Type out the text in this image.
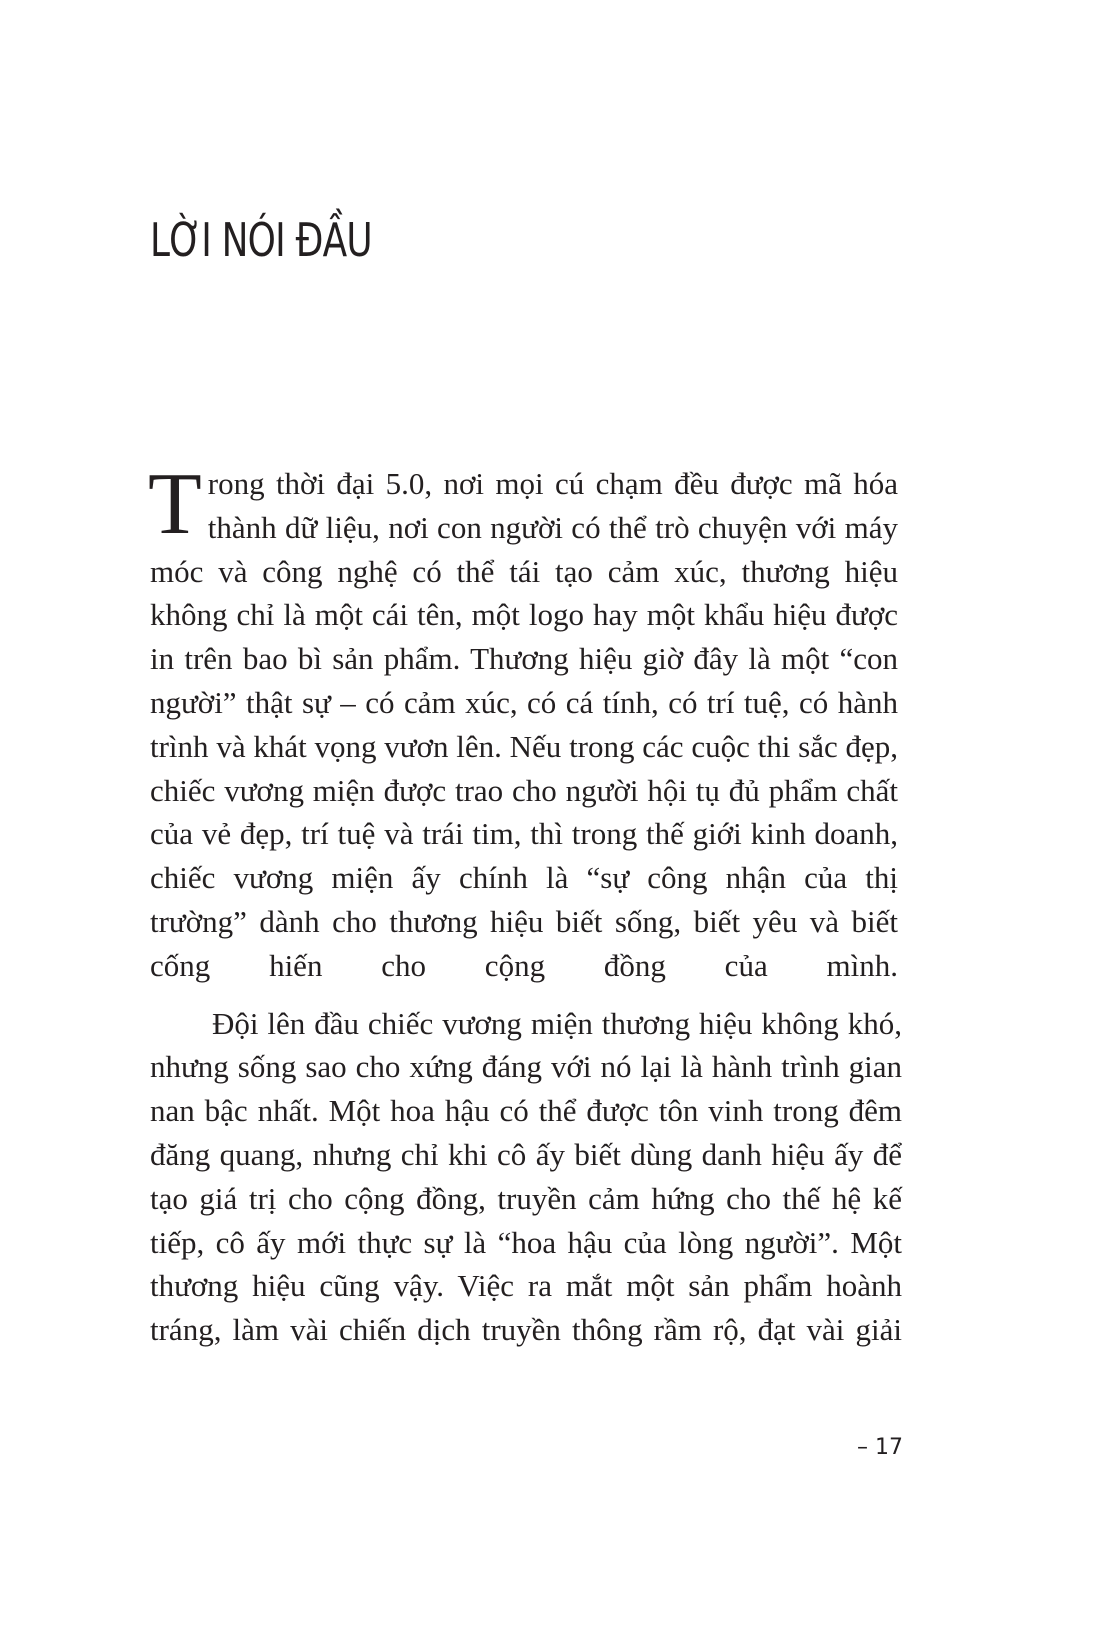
LỜI NÓI ĐẦU

Trong thời đại 5.0, nơi mọi cú chạm đều được mã hóa thành dữ liệu, nơi con người có thể trò chuyện với máy móc và công nghệ có thể tái tạo cảm xúc, thương hiệu không chỉ là một cái tên, một logo hay một khẩu hiệu được in trên bao bì sản phẩm. Thương hiệu giờ đây là một “con người” thật sự – có cảm xúc, có cá tính, có trí tuệ, có hành trình và khát vọng vươn lên. Nếu trong các cuộc thi sắc đẹp, chiếc vương miện được trao cho người hội tụ đủ phẩm chất của vẻ đẹp, trí tuệ và trái tim, thì trong thế giới kinh doanh, chiếc vương miện ấy chính là “sự công nhận của thị trường” dành cho thương hiệu biết sống, biết yêu và biết cống hiến cho cộng đồng của mình.

Đội lên đầu chiếc vương miện thương hiệu không khó, nhưng sống sao cho xứng đáng với nó lại là hành trình gian nan bậc nhất. Một hoa hậu có thể được tôn vinh trong đêm đăng quang, nhưng chỉ khi cô ấy biết dùng danh hiệu ấy để tạo giá trị cho cộng đồng, truyền cảm hứng cho thế hệ kế tiếp, cô ấy mới thực sự là “hoa hậu của lòng người”. Một thương hiệu cũng vậy. Việc ra mắt một sản phẩm hoành tráng, làm vài chiến dịch truyền thông rầm rộ, đạt vài giải

– 17
